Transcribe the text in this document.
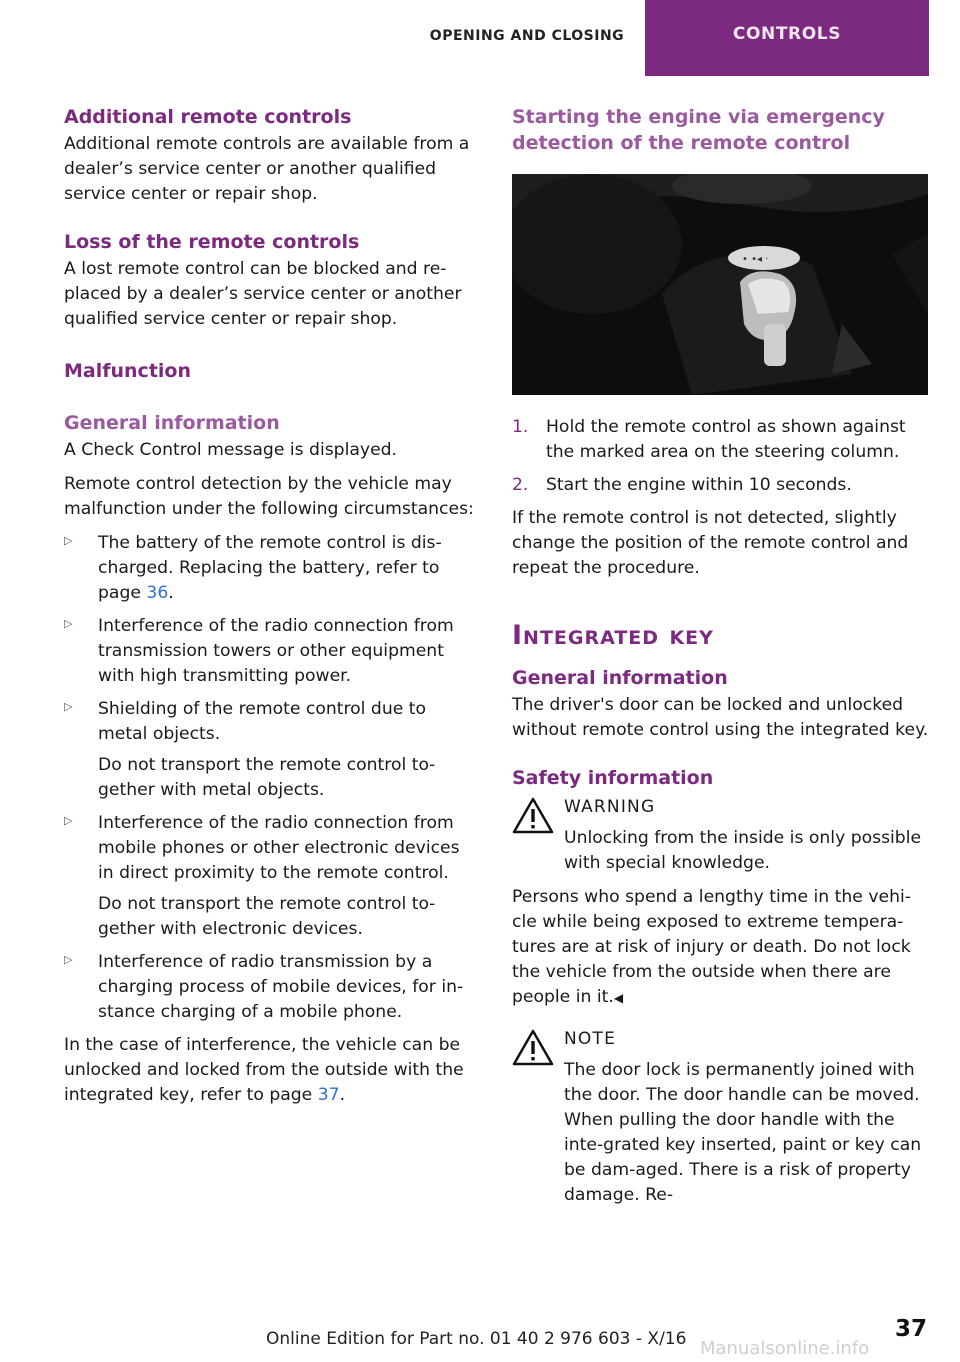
OPENING AND CLOSING	CONTROLS
Additional remote controls

Additional remote controls are available from a dealer’s service center or another qualified service center or repair shop.

Loss of the remote controls

A lost remote control can be blocked and re‐placed by a dealer’s service center or another qualified service center or repair shop.

Malfunction
General information

A Check Control message is displayed.

Remote control detection by the vehicle may malfunction under the following circumstances:

▷ The battery of the remote control is dis‐charged. Replacing the battery, refer to page 36.

▷ Interference of the radio connection from transmission towers or other equipment with high transmitting power.

▷ Shielding of the remote control due to metal objects.

Do not transport the remote control to‐gether with metal objects.

▷ Interference of the radio connection from mobile phones or other electronic devices in direct proximity to the remote control.

Do not transport the remote control to‐gether with electronic devices.

▷ Interference of radio transmission by a charging process of mobile devices, for in‐stance charging of a mobile phone.

In the case of interference, the vehicle can be unlocked and locked from the outside with the integrated key, refer to page 37.

Starting the engine via emergency detection of the remote control
• •◂ ·
1. Hold the remote control as shown against the marked area on the steering column.
2. Start the engine within 10 seconds.

If the remote control is not detected, slightly change the position of the remote control and repeat the procedure.

Integrated key
General information

The driver's door can be locked and unlocked without remote control using the integrated key.

Safety information
WARNING

Unlocking from the inside is only possible with special knowledge.

Persons who spend a lengthy time in the vehi‐cle while being exposed to extreme tempera‐tures are at risk of injury or death. Do not lock the vehicle from the outside when there are people in it.◀

NOTE

The door lock is permanently joined with the door. The door handle can be moved. When pulling the door handle with the inte‐grated key inserted, paint or key can be dam‐aged. There is a risk of property damage. Re‐

Online Edition for Part no. 01 40 2 976 603 - X/16	37
Manualsonline.info
